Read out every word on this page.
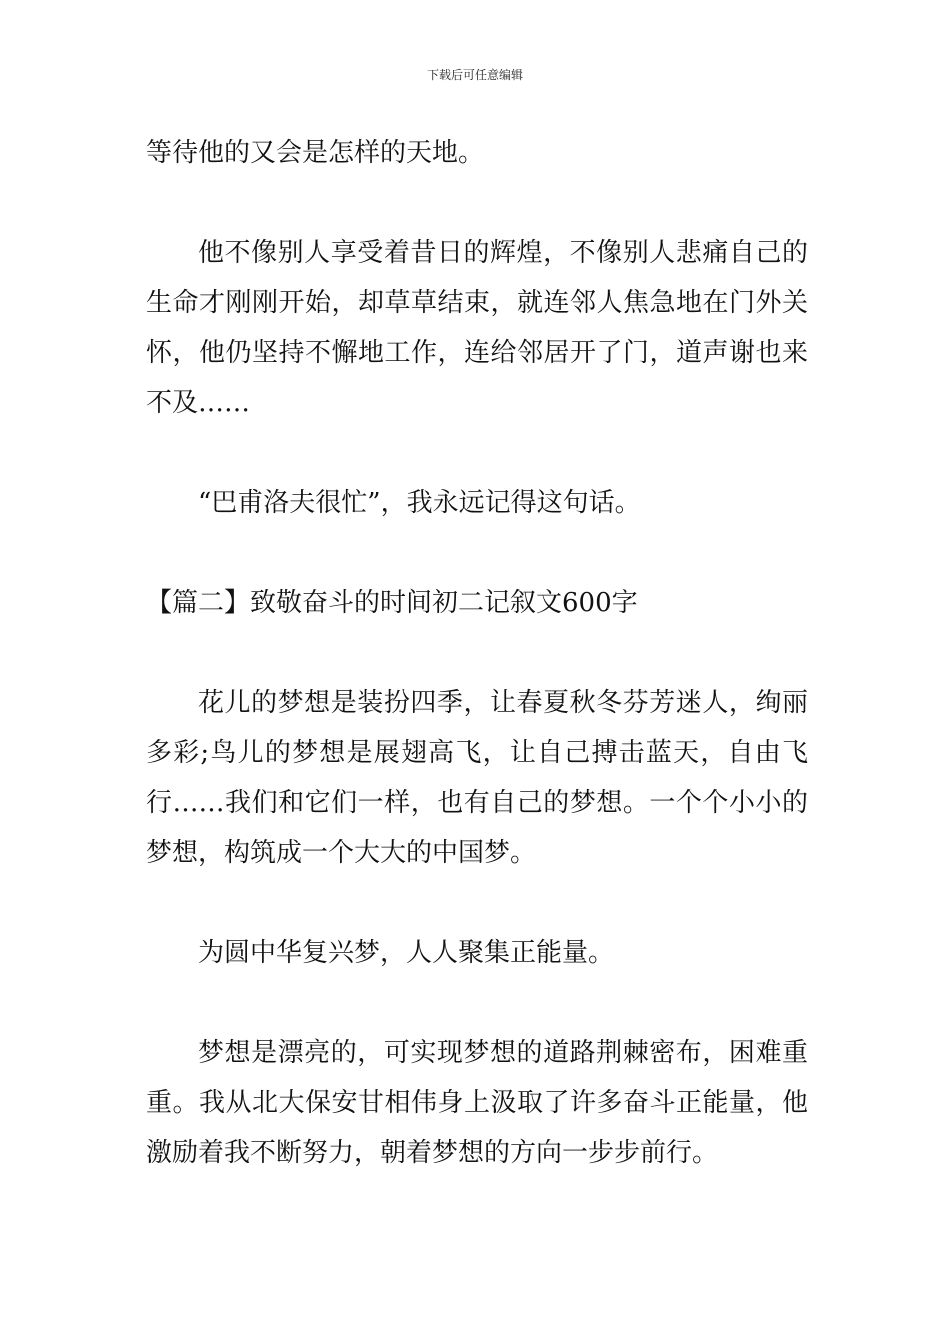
下载后可任意编辑

等待他的又会是怎样的天地。

他不像别人享受着昔日的辉煌，不像别人悲痛自己的生命才刚刚开始，却草草结束，就连邻人焦急地在门外关怀，他仍坚持不懈地工作，连给邻居开了门，道声谢也来不及……

“巴甫洛夫很忙”，我永远记得这句话。

【篇二】致敬奋斗的时间初二记叙文600字

花儿的梦想是装扮四季，让春夏秋冬芬芳迷人，绚丽多彩;鸟儿的梦想是展翅高飞，让自己搏击蓝天，自由飞行……我们和它们一样，也有自己的梦想。一个个小小的梦想，构筑成一个大大的中国梦。

为圆中华复兴梦，人人聚集正能量。

梦想是漂亮的，可实现梦想的道路荆棘密布，困难重重。我从北大保安甘相伟身上汲取了许多奋斗正能量，他激励着我不断努力，朝着梦想的方向一步步前行。
